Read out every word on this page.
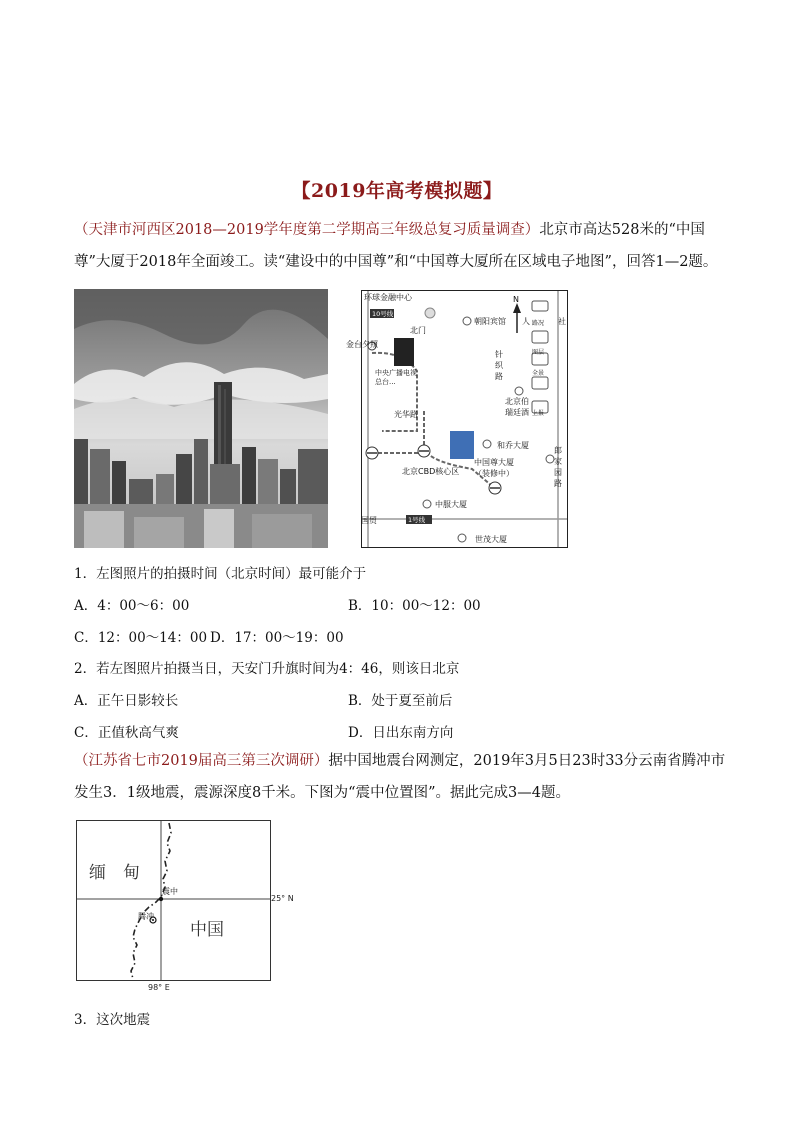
【2019年高考模拟题】
（天津市河西区2018—2019学年度第二学期高三年级总复习质量调查）北京市高达528米的“中国尊”大厦于2018年全面竣工。读“建设中的中国尊”和“中国尊大厦所在区域电子地图”，回答1—2题。
环球金融中心
10号线
北门
金台夕照
中央广播电视
总台...
光华路
北京CBD核心区
中国尊大厦
（装修中）
和乔大厦
中服大厦
国贸	1号线
世茂大厦
朝阳宾馆
针
织
路
北京伯
瑞廷酒
郎
家
园
路
N
人 路况
图层
全景
上报
社
1．左图照片的拍摄时间（北京时间）最可能介于
A．4：00～6：00	B．10：00～12：00
C．12：00～14：00 D．17：00～19：00
2．若左图照片拍摄当日，天安门升旗时间为4：46，则该日北京
A．正午日影较长	B．处于夏至前后
C．正值秋高气爽	D．日出东南方向
（江苏省七市2019届高三第三次调研）据中国地震台网测定，2019年3月5日23时33分云南省腾冲市发生3．1级地震，震源深度8千米。下图为“震中位置图”。据此完成3—4题。
缅　甸
中国
震中
腾冲
25° N
98° E
3．这次地震
